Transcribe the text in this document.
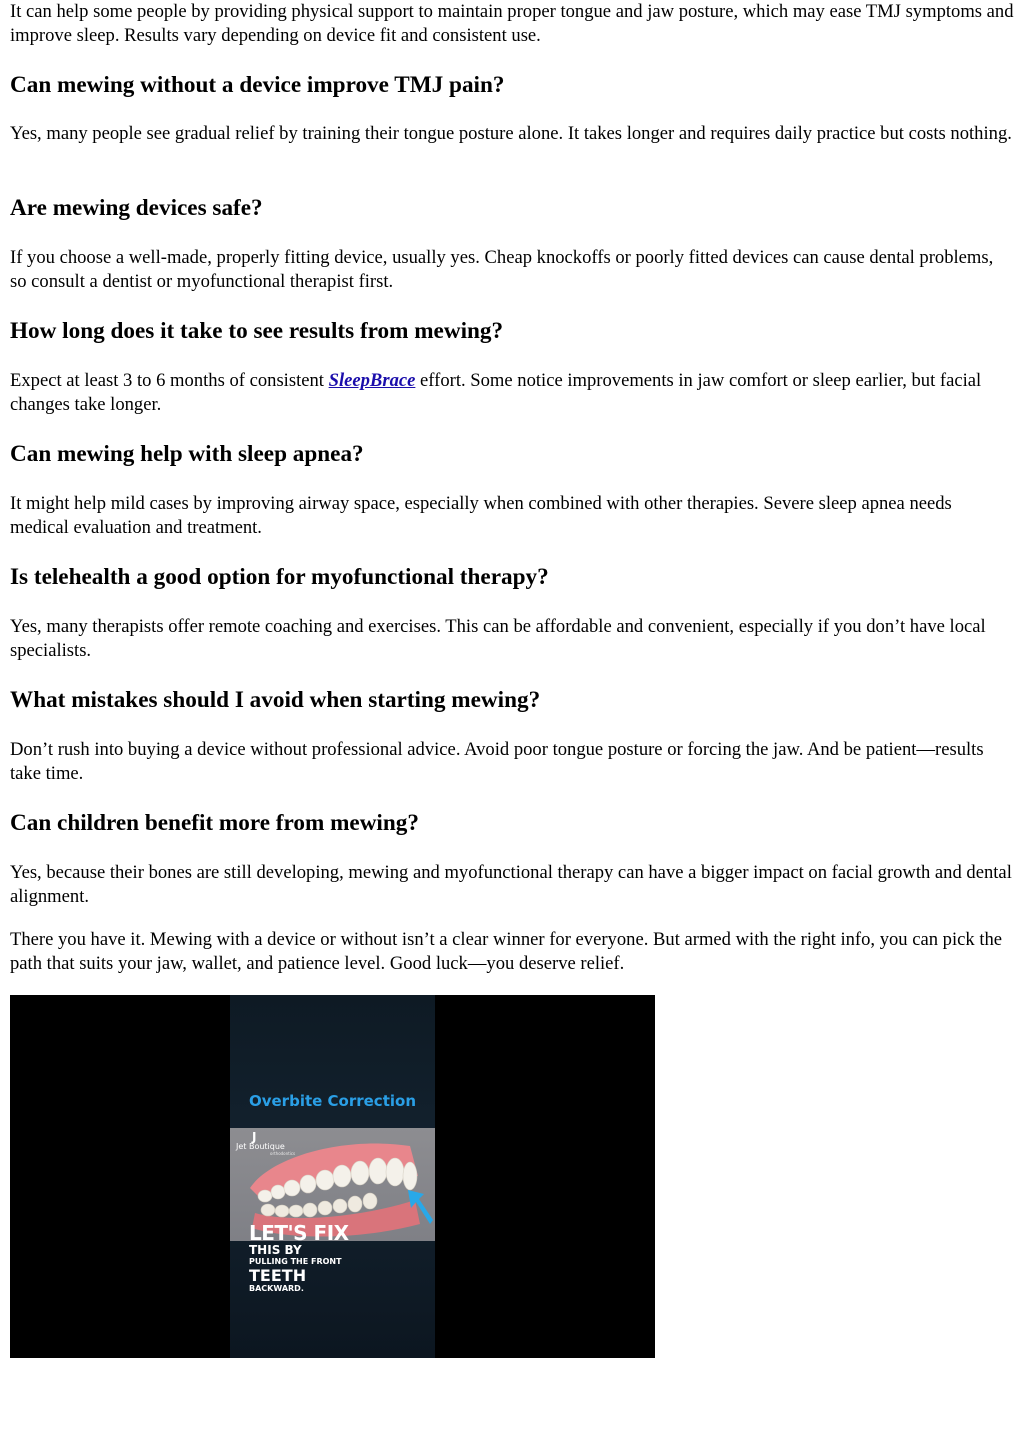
It can help some people by providing physical support to maintain proper tongue and jaw posture, which may ease TMJ symptoms and improve sleep. Results vary depending on device fit and consistent use.

Can mewing without a device improve TMJ pain?

Yes, many people see gradual relief by training their tongue posture alone. It takes longer and requires daily practice but costs nothing.

Are mewing devices safe?

If you choose a well-made, properly fitting device, usually yes. Cheap knockoffs or poorly fitted devices can cause dental problems, so consult a dentist or myofunctional therapist first.

How long does it take to see results from mewing?

Expect at least 3 to 6 months of consistent SleepBrace effort. Some notice improvements in jaw comfort or sleep earlier, but facial changes take longer.

Can mewing help with sleep apnea?

It might help mild cases by improving airway space, especially when combined with other therapies. Severe sleep apnea needs medical evaluation and treatment.

Is telehealth a good option for myofunctional therapy?

Yes, many therapists offer remote coaching and exercises. This can be affordable and convenient, especially if you don’t have local specialists.

What mistakes should I avoid when starting mewing?

Don’t rush into buying a device without professional advice. Avoid poor tongue posture or forcing the jaw. And be patient—results take time.

Can children benefit more from mewing?

Yes, because their bones are still developing, mewing and myofunctional therapy can have a bigger impact on facial growth and dental alignment.

There you have it. Mewing with a device or without isn’t a clear winner for everyone. But armed with the right info, you can pick the path that suits your jaw, wallet, and patience level. Good luck—you deserve relief.

Overbite Correction
J
Jet Boutique
orthodontics
LET'S FIX
THIS BY
PULLING THE FRONT
TEETH
BACKWARD.
